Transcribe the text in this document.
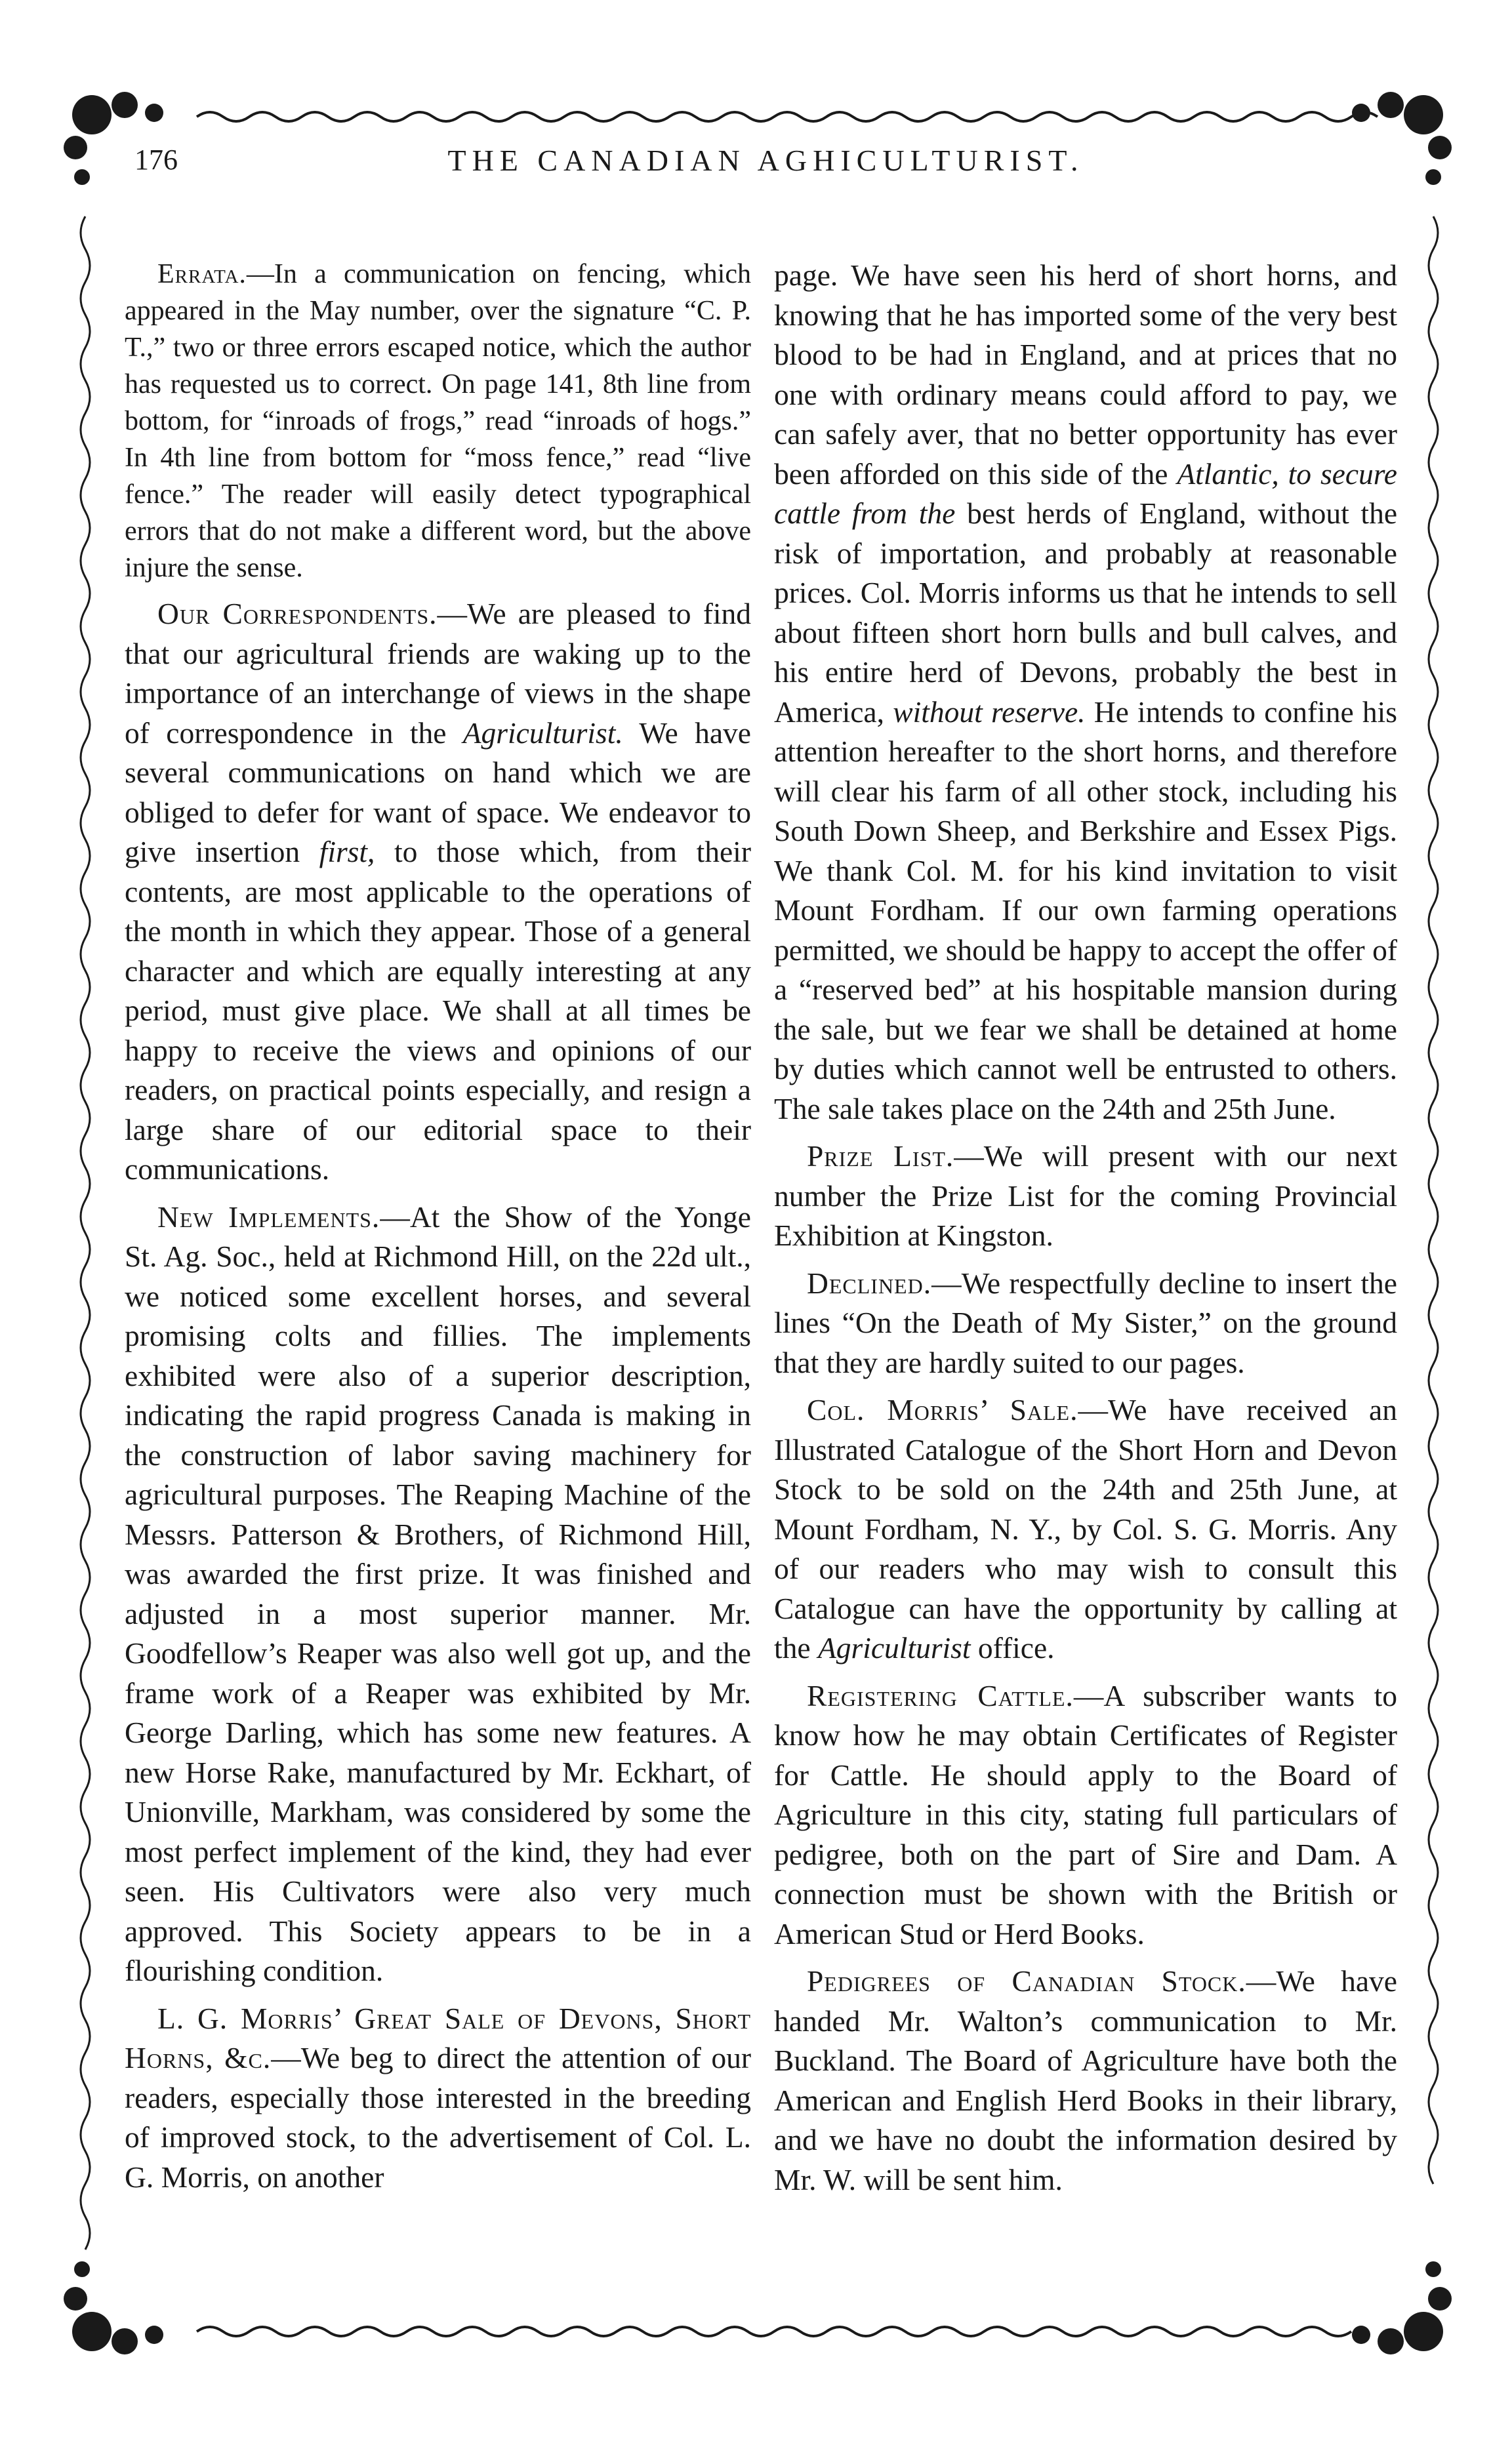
176	THE CANADIAN AGHICULTURIST.

Errata.—In a communication on fencing, which appeared in the May number, over the signature “C. P. T.,” two or three errors escaped notice, which the author has requested us to correct. On page 141, 8th line from bottom, for “inroads of frogs,” read “inroads of hogs.” In 4th line from bottom for “moss fence,” read “live fence.” The reader will easily detect typographical errors that do not make a different word, but the above injure the sense.

Our Correspondents.—We are pleased to find that our agricultural friends are waking up to the importance of an interchange of views in the shape of correspondence in the Agriculturist. We have several communications on hand which we are obliged to defer for want of space. We endeavor to give insertion first, to those which, from their contents, are most applicable to the operations of the month in which they appear. Those of a general character and which are equally interesting at any period, must give place. We shall at all times be happy to receive the views and opinions of our readers, on practical points especially, and resign a large share of our editorial space to their communications.

New Implements.—At the Show of the Yonge St. Ag. Soc., held at Richmond Hill, on the 22d ult., we noticed some excellent horses, and several promising colts and fillies. The implements exhibited were also of a superior description, indicating the rapid progress Canada is making in the construction of labor saving machinery for agricultural purposes. The Reaping Machine of the Messrs. Patterson & Brothers, of Richmond Hill, was awarded the first prize. It was finished and adjusted in a most superior manner. Mr. Goodfellow’s Reaper was also well got up, and the frame work of a Reaper was exhibited by Mr. George Darling, which has some new features. A new Horse Rake, manufactured by Mr. Eckhart, of Unionville, Markham, was considered by some the most perfect implement of the kind, they had ever seen. His Cultivators were also very much approved. This Society appears to be in a flourishing condition.

L. G. Morris’ Great Sale of Devons, Short Horns, &c.—We beg to direct the attention of our readers, especially those interested in the breeding of improved stock, to the advertisement of Col. L. G. Morris, on another

page. We have seen his herd of short horns, and knowing that he has imported some of the very best blood to be had in England, and at prices that no one with ordinary means could afford to pay, we can safely aver, that no better opportunity has ever been afforded on this side of the Atlantic, to secure cattle from the best herds of England, without the risk of importation, and probably at reasonable prices. Col. Morris informs us that he intends to sell about fifteen short horn bulls and bull calves, and his entire herd of Devons, probably the best in America, without reserve. He intends to confine his attention hereafter to the short horns, and therefore will clear his farm of all other stock, including his South Down Sheep, and Berkshire and Essex Pigs. We thank Col. M. for his kind invitation to visit Mount Fordham. If our own farming operations permitted, we should be happy to accept the offer of a “reserved bed” at his hospitable mansion during the sale, but we fear we shall be detained at home by duties which cannot well be entrusted to others. The sale takes place on the 24th and 25th June.

Prize List.—We will present with our next number the Prize List for the coming Provincial Exhibition at Kingston.

Declined.—We respectfully decline to insert the lines “On the Death of My Sister,” on the ground that they are hardly suited to our pages.

Col. Morris’ Sale.—We have received an Illustrated Catalogue of the Short Horn and Devon Stock to be sold on the 24th and 25th June, at Mount Fordham, N. Y., by Col. S. G. Morris. Any of our readers who may wish to consult this Catalogue can have the opportunity by calling at the Agriculturist office.

Registering Cattle.—A subscriber wants to know how he may obtain Certificates of Register for Cattle. He should apply to the Board of Agriculture in this city, stating full particulars of pedigree, both on the part of Sire and Dam. A connection must be shown with the British or American Stud or Herd Books.

Pedigrees of Canadian Stock.—We have handed Mr. Walton’s communication to Mr. Buckland. The Board of Agriculture have both the American and English Herd Books in their library, and we have no doubt the information desired by Mr. W. will be sent him.
